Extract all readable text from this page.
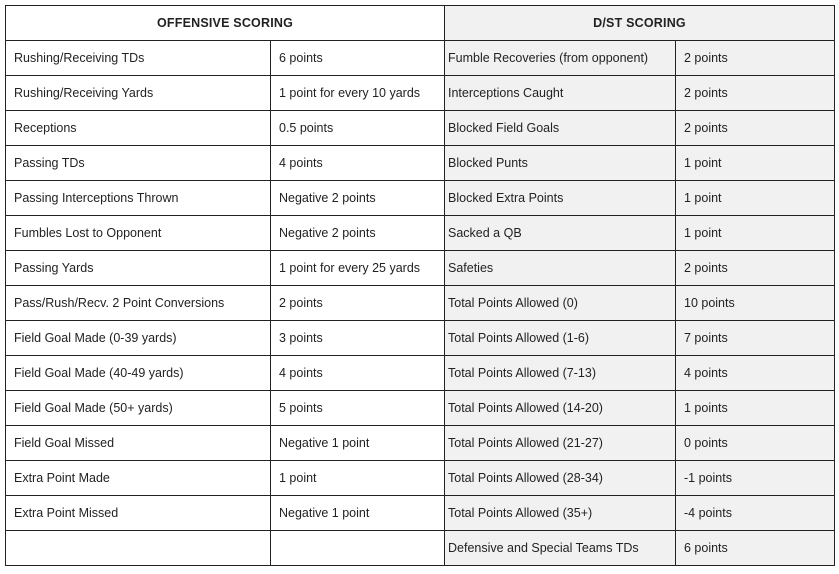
OFFENSIVE SCORING		D/ST SCORING	
Rushing/Receiving TDs	6 points	Fumble Recoveries (from opponent)	2 points
Rushing/Receiving Yards	1 point for every 10 yards	Interceptions Caught	2 points
Receptions	0.5 points	Blocked Field Goals	2 points
Passing TDs	4 points	Blocked Punts	1 point
Passing Interceptions Thrown	Negative 2 points	Blocked Extra Points	1 point
Fumbles Lost to Opponent	Negative 2 points	Sacked a QB	1 point
Passing Yards	1 point for every 25 yards	Safeties	2 points
Pass/Rush/Recv. 2 Point Conversions	2 points	Total Points Allowed (0)	10 points
Field Goal Made (0-39 yards)	3 points	Total Points Allowed (1-6)	7 points
Field Goal Made (40-49 yards)	4 points	Total Points Allowed (7-13)	4 points
Field Goal Made (50+ yards)	5 points	Total Points Allowed (14-20)	1 points
Field Goal Missed	Negative 1 point	Total Points Allowed (21-27)	0 points
Extra Point Made	1 point	Total Points Allowed (28-34)	-1 points
Extra Point Missed	Negative 1 point	Total Points Allowed (35+)	-4 points
		Defensive and Special Teams TDs	6 points
